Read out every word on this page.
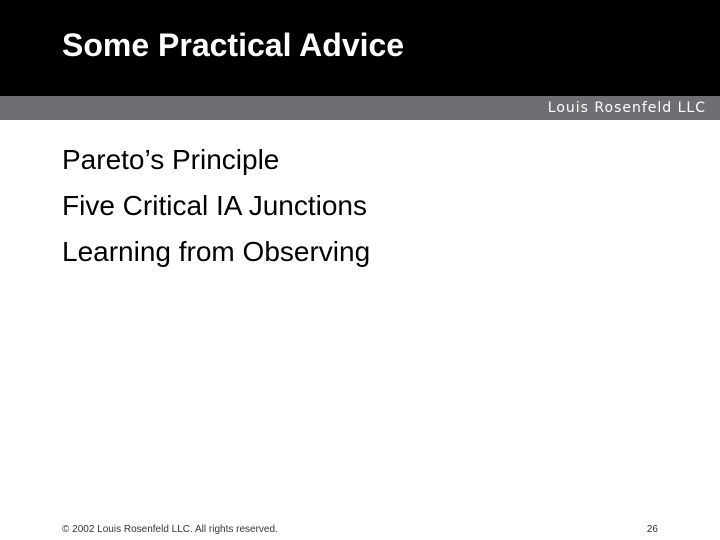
Some Practical Advice
Louis Rosenfeld LLC
Pareto’s Principle
Five Critical IA Junctions
Learning from Observing
© 2002 Louis Rosenfeld LLC. All rights reserved.	26
